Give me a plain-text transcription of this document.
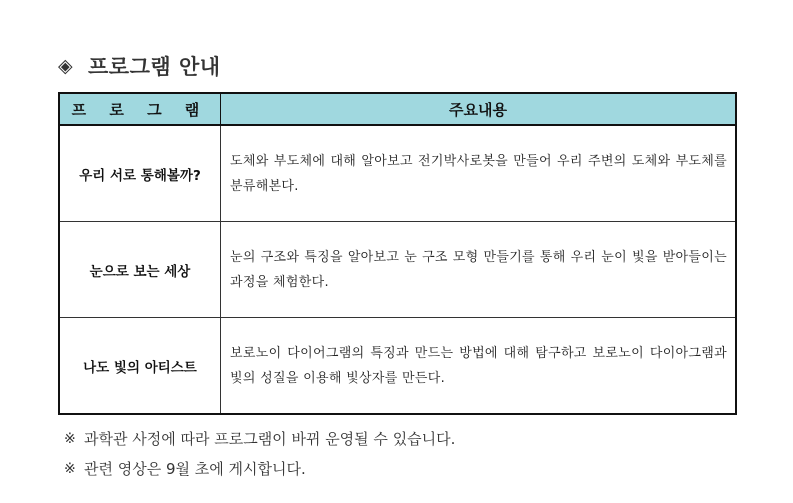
◈ 프로그램 안내
프 로 그 램	주요내용
우리 서로 통해볼까?	도체와 부도체에 대해 알아보고 전기박사로봇을 만들어 우리 주변의 도체와 부도체를 분류해본다.
눈으로 보는 세상	눈의 구조와 특징을 알아보고 눈 구조 모형 만들기를 통해 우리 눈이 빛을 받아들이는 과정을 체험한다.
나도 빛의 아티스트	보로노이 다이어그램의 특징과 만드는 방법에 대해 탐구하고 보로노이 다이아그램과 빛의 성질을 이용해 빛상자를 만든다.
※ 과학관 사정에 따라 프로그램이 바뀌 운영될 수 있습니다.
※ 관련 영상은 9월 초에 게시합니다.
